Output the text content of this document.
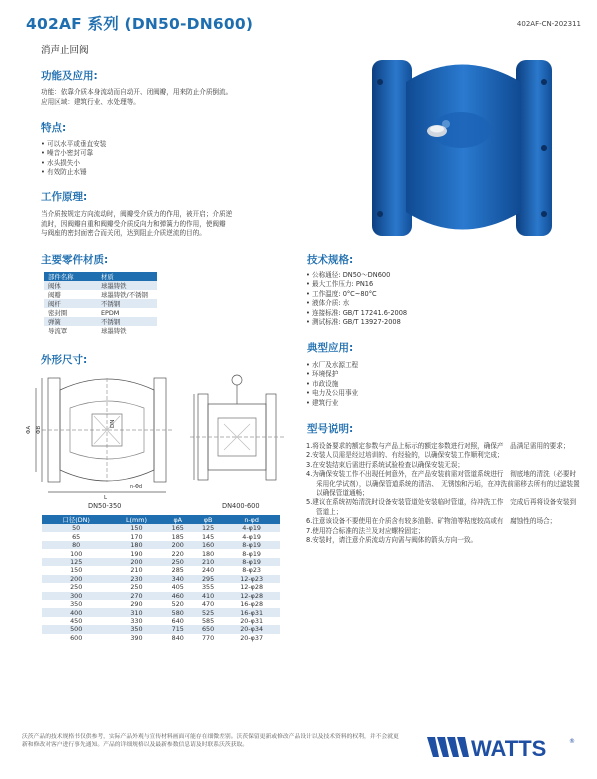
402AF 系列 (DN50-DN600)	402AF-CN-202311
消声止回阀
功能及应用:
功能：依靠介质本身流动而自动开、闭阀瓣，用来防止介质倒流。
应用区域：建筑行业、水处理等。
特点:
• 可以水平或垂直安装
• 噪音小密封可靠
• 水头损失小
• 有效防止水锤
工作原理:
当介质按规定方向流动时，阀瓣受介质力的作用，被开启；介质逆
流时，因阀瓣自重和阀瓣受介质反向力和弹簧力的作用，使阀瓣
与阀座的密封面密合而关闭，达到阻止介质逆流的目的。
主要零件材质:
部件名称	材质
阀体	球墨铸铁
阀瓣	球墨铸铁/不锈钢
阀杆	不锈钢
密封圈	EPDM
弹簧	不锈钢
导流罩	球墨铸铁
外形尺寸:
ΦA ΦB
DN
L
n-Φd
DN50-350	DN400-600
口径(DN)	L(mm)	φA	φB	n-φd
50	150	165	125	4-φ19
65	170	185	145	4-φ19
80	180	200	160	8-φ19
100	190	220	180	8-φ19
125	200	250	210	8-φ19
150	210	285	240	8-φ23
200	230	340	295	12-φ23
250	250	405	355	12-φ28
300	270	460	410	12-φ28
350	290	520	470	16-φ28
400	310	580	525	16-φ31
450	330	640	585	20-φ31
500	350	715	650	20-φ34
600	390	840	770	20-φ37
技术规格:
• 公称通径: DN50～DN600
• 最大工作压力: PN16
• 工作温度: 0°C~80°C
• 液体介质: 水
• 连接标准: GB/T 17241.6-2008
• 测试标准: GB/T 13927-2008
典型应用:
• 水厂及水源工程
• 环境保护
• 市政设施
• 电力及公用事业
• 建筑行业
型号说明:
1.将设备要求的额定参数与产品上标示的额定参数进行对照，确保产　品满足需用的要求；
2.安装人员需是经过培训的、有经验的，以确保安装工作顺利完成；
3.在安装结束后需进行系统试验检查以确保安装无误；
4.为确保安装工作不出现任何意外，在产品安装前需对管道系统进行　彻底地的清洗（必要时采用化学试剂），以确保管道系统的清洁、　无锈蚀和污垢，在冲洗前需移去所有的过滤装置以确保管道通畅；
5.建议在系统初始清洗时设备安装管道处安装临时管道，待冲洗工作　完成后再将设备安装到管道上；
6.注意该设备不要使用在介质含有较多油脂、矿物油等粘度较高或有　腐蚀性的场合；
7.使用符合标准的法兰及对应螺栓固定；
8.安装时，请注意介质流动方向需与阀体的箭头方向一致。
沃茨产品的技术规格书仅供参考，实际产品外观与宣传材料画面可能存在细微差别。沃茨保留更新或修改产品设计以及技术资料的权利，并不会就更新和修改对客户进行事先通知。产品的详细规格以及最新参数信息请及时联系沃茨获取。	WATTS	®
